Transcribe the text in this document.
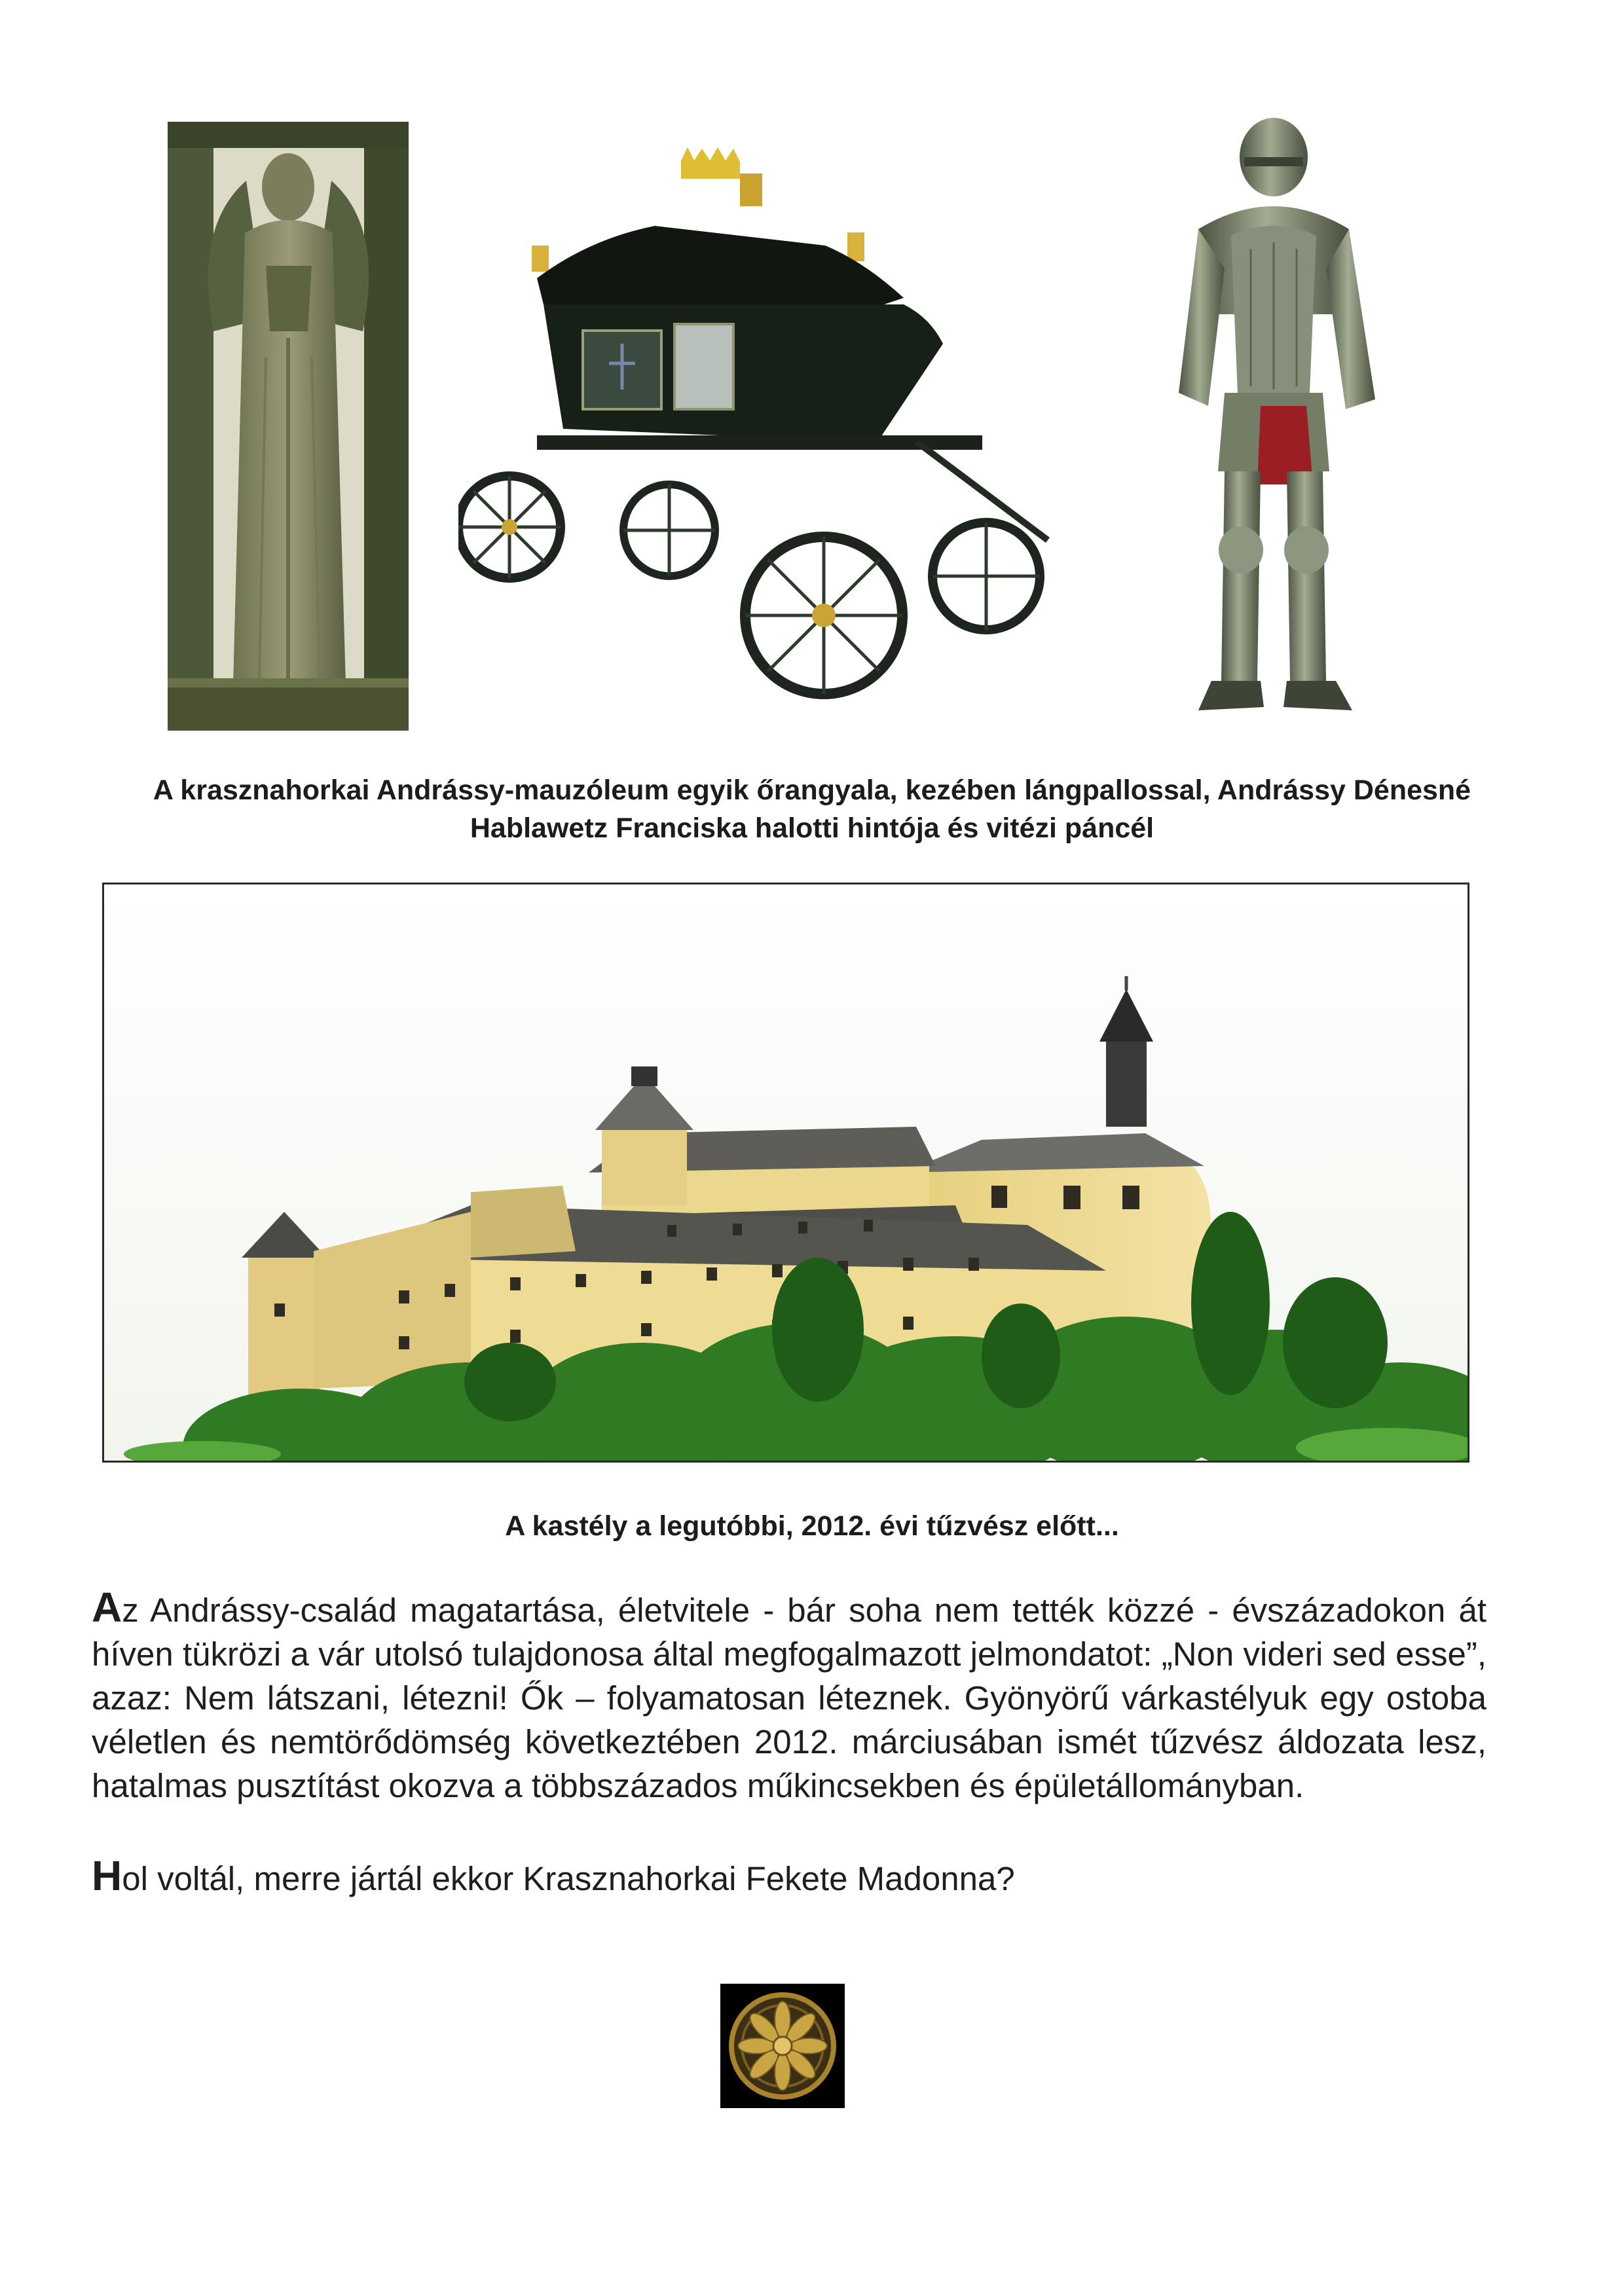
A krasznahorkai Andrássy-mauzóleum egyik őrangyala, kezében lángpallossal, Andrássy Dénesné
Hablawetz Franciska halotti hintója és vitézi páncél
A kastély a legutóbbi, 2012. évi tűzvész előtt...
Az Andrássy-család magatartása, életvitele - bár soha nem tették közzé - évszázadokon át híven tükrözi a vár utolsó tulajdonosa által megfogalmazott jelmondatot: „Non videri sed esse”, azaz: Nem látszani, létezni! Ők – folyamatosan léteznek. Gyönyörű várkastélyuk egy ostoba véletlen és nemtörődömség következtében 2012. márciusában ismét tűzvész áldozata lesz, hatalmas pusztítást okozva a többszázados műkincsekben és épületállományban.
Hol voltál, merre jártál ekkor Krasznahorkai Fekete Madonna?
